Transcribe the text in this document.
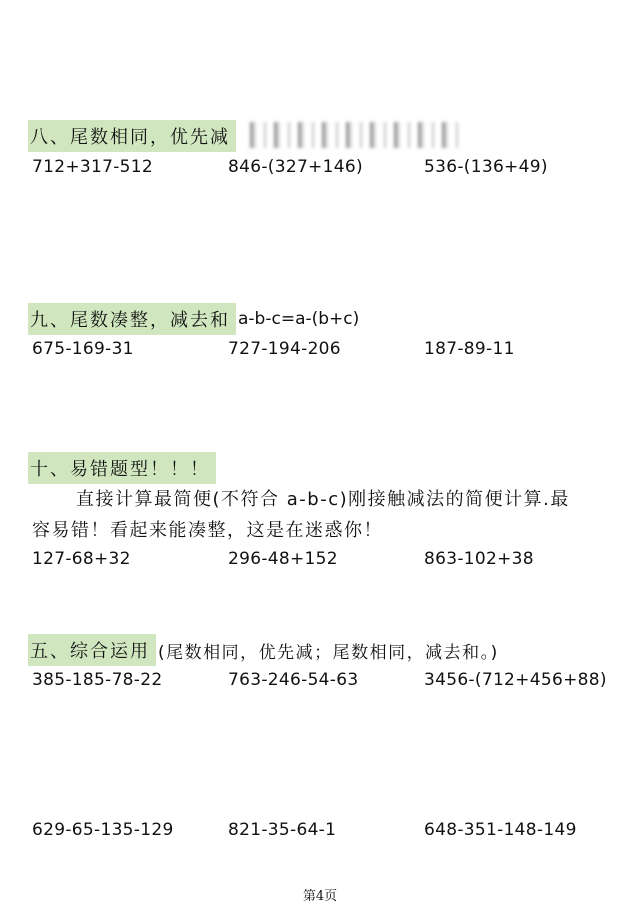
八、尾数相同，优先减
712+317-512	846-(327+146)	536-(136+49)
九、尾数凑整，减去和 a-b-c=a-(b+c)
675-169-31	727-194-206	187-89-11
十、易错题型！！！
直接计算最简便(不符合 a-b-c)刚接触减法的简便计算.最
容易错！看起来能凑整，这是在迷惑你！
127-68+32	296-48+152	863-102+38
五、综合运用 (尾数相同，优先减；尾数相同，减去和。)
385-185-78-22	763-246-54-63	3456-(712+456+88)
629-65-135-129	821-35-64-1	648-351-148-149
第4页
